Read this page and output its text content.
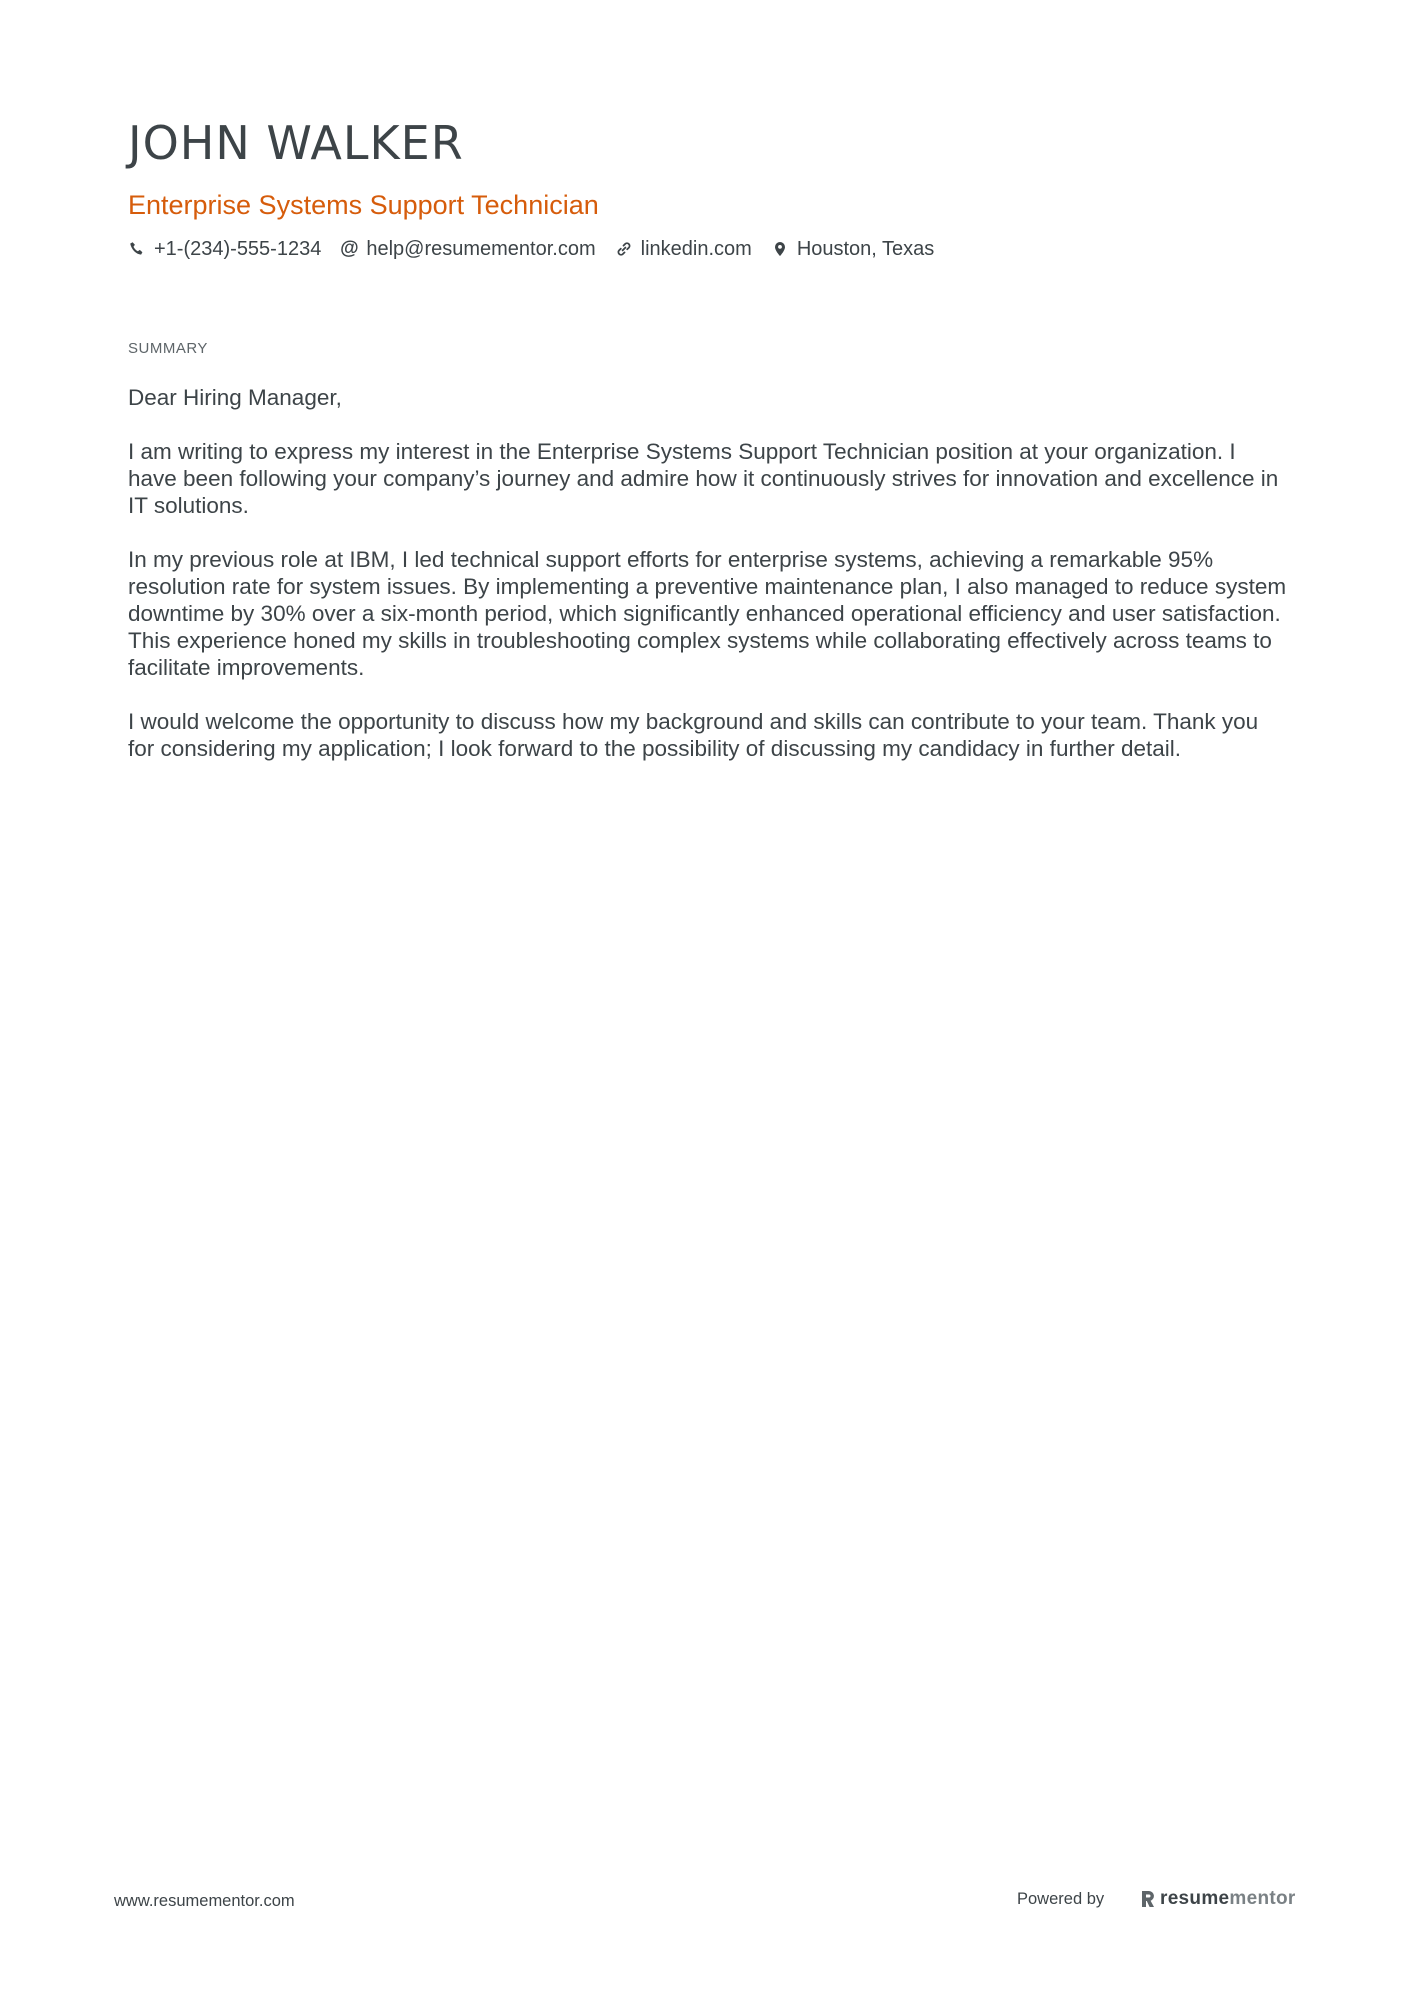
JOHN WALKER
Enterprise Systems Support Technician
+1-(234)-555-1234 @ help@resumementor.com linkedin.com Houston, Texas
SUMMARY

Dear Hiring Manager,

I am writing to express my interest in the Enterprise Systems Support Technician position at your organization. I have been following your company’s journey and admire how it continuously strives for innovation and excellence in IT solutions.

In my previous role at IBM, I led technical support efforts for enterprise systems, achieving a remarkable 95% resolution rate for system issues. By implementing a preventive maintenance plan, I also managed to reduce system downtime by 30% over a six-month period, which significantly enhanced operational efficiency and user satisfaction. This experience honed my skills in troubleshooting complex systems while collaborating effectively across teams to facilitate improvements.

I would welcome the opportunity to discuss how my background and skills can contribute to your team. Thank you for considering my application; I look forward to the possibility of discussing my candidacy in further detail.

www.resumementor.com	Powered by	resumementor
